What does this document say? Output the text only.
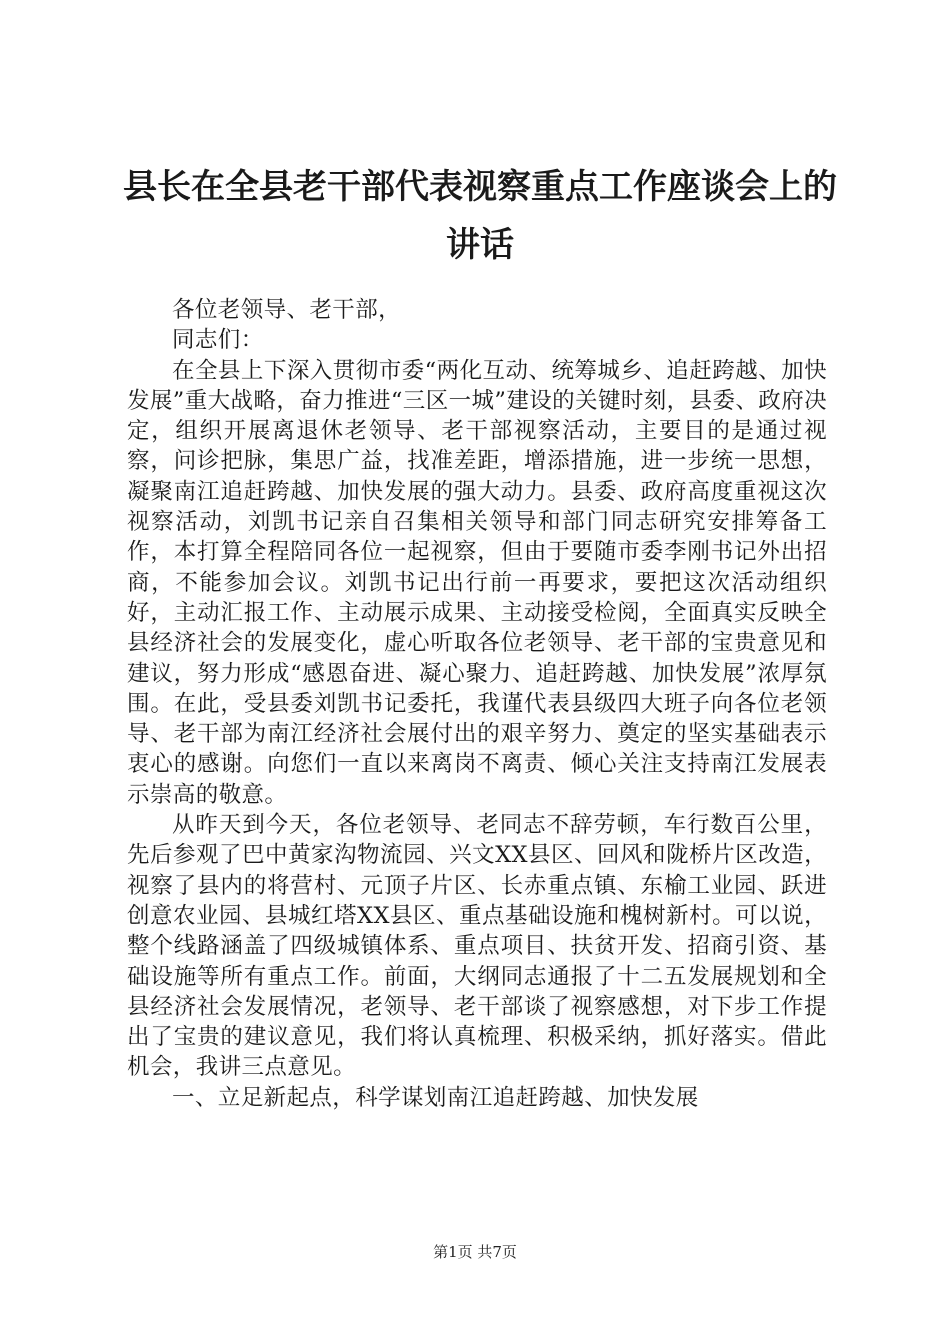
县长在全县老干部代表视察重点工作座谈会上的讲话

各位老领导、老干部，

同志们：

在全县上下深入贯彻市委“两化互动、统筹城乡、追赶跨越、加快发展”重大战略，奋力推进“三区一城”建设的关键时刻，县委、政府决定，组织开展离退休老领导、老干部视察活动，主要目的是通过视察，问诊把脉，集思广益，找准差距，增添措施，进一步统一思想，凝聚南江追赶跨越、加快发展的强大动力。县委、政府高度重视这次视察活动，刘凯书记亲自召集相关领导和部门同志研究安排筹备工作，本打算全程陪同各位一起视察，但由于要随市委李刚书记外出招商，不能参加会议。刘凯书记出行前一再要求，要把这次活动组织好，主动汇报工作、主动展示成果、主动接受检阅，全面真实反映全县经济社会的发展变化，虚心听取各位老领导、老干部的宝贵意见和建议，努力形成“感恩奋进、凝心聚力、追赶跨越、加快发展”浓厚氛围。在此，受县委刘凯书记委托，我谨代表县级四大班子向各位老领导、老干部为南江经济社会展付出的艰辛努力、奠定的坚实基础表示衷心的感谢。向您们一直以来离岗不离责、倾心关注支持南江发展表示崇高的敬意。

从昨天到今天，各位老领导、老同志不辞劳顿，车行数百公里，先后参观了巴中黄家沟物流园、兴文XX县区、回风和陇桥片区改造，视察了县内的将营村、元顶子片区、长赤重点镇、东榆工业园、跃进创意农业园、县城红塔XX县区、重点基础设施和槐树新村。可以说，整个线路涵盖了四级城镇体系、重点项目、扶贫开发、招商引资、基础设施等所有重点工作。前面，大纲同志通报了十二五发展规划和全县经济社会发展情况，老领导、老干部谈了视察感想，对下步工作提出了宝贵的建议意见，我们将认真梳理、积极采纳，抓好落实。借此机会，我讲三点意见。

一、立足新起点，科学谋划南江追赶跨越、加快发展

第1页 共7页
